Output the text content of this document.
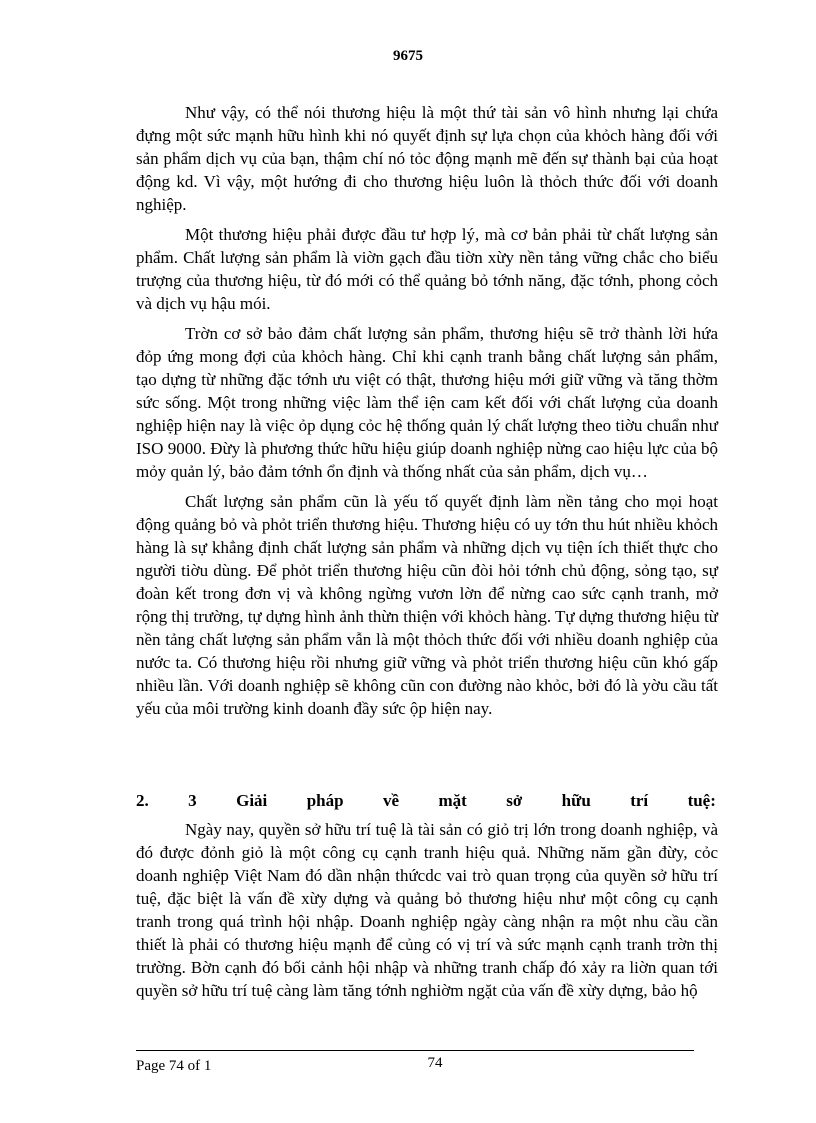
9675

Như vậy, có thể nói thương hiệu là một thứ tài sản vô hình nhưng lại chứa đựng một sức mạnh hữu hình khi nó quyết định sự lựa chọn của khỏch hàng đối với sản phẩm dịch vụ của bạn, thậm chí nó tỏc động mạnh mẽ đến sự thành bại của hoạt động kd. Vì vậy, một hướng đi cho thương hiệu luôn là thỏch thức đối với doanh nghiệp.

Một thương hiệu phải được đầu tư hợp lý, mà cơ bản phải từ chất lượng sản phẩm. Chất lượng sản phẩm là viờn gạch đầu tiờn xừy nền tảng vững chắc cho biểu trượng của thương hiệu, từ đó mới có thể quảng bỏ tớnh năng, đặc tớnh, phong cỏch và dịch vụ hậu mói.

Trờn cơ sở bảo đảm chất lượng sản phẩm, thương hiệu sẽ trở thành lời hứa đỏp ứng mong đợi của khỏch hàng. Chỉ khi cạnh tranh bằng chất lượng sản phẩm, tạo dựng từ những đặc tớnh ưu việt có thật, thương hiệu mới giữ vững và tăng thờm sức sống. Một trong những việc làm thể iện cam kết đối với chất lượng của doanh nghiệp hiện nay là việc ỏp dụng cỏc hệ thống quản lý chất lượng theo tiờu chuẩn như ISO 9000. Đừy là phương thức hữu hiệu giúp doanh nghiệp nừng cao hiệu lực của bộ mỏy quản lý, bảo đảm tớnh ổn định và thống nhất của sản phẩm, dịch vụ…

Chất lượng sản phẩm cũn là yếu tố quyết định làm nền tảng cho mọi hoạt động quảng bỏ và phỏt triển thương hiệu. Thương hiệu có uy tớn thu hút nhiều khỏch hàng là sự khẳng định chất lượng sản phẩm và những dịch vụ tiện ích thiết thực cho người tiờu dùng. Để phỏt triển thương hiệu cũn đòi hỏi tớnh chủ động, sỏng tạo, sự đoàn kết trong đơn vị và không ngừng vươn lờn để nừng cao sức cạnh tranh, mở rộng thị trường, tự dựng hình ảnh thừn thiện với khỏch hàng. Tự dựng thương hiệu từ nền tảng chất lượng sản phẩm vẫn là một thỏch thức đối với nhiều doanh nghiệp của nước ta. Có thương hiệu rồi nhưng giữ vững và phỏt triển thương hiệu cũn khó gấp nhiều lần. Với doanh nghiệp sẽ không cũn con đường nào khỏc, bởi đó là yờu cầu tất yếu của môi trường kinh doanh đầy sức ộp hiện nay.

2. 3 Giải pháp về mặt sở hữu trí tuệ:

Ngày nay, quyền sở hữu trí tuệ là tài sản có giỏ trị lớn trong doanh nghiệp, và đó được đỏnh giỏ là một công cụ cạnh tranh hiệu quả. Những năm gần đừy, cỏc doanh nghiệp Việt Nam đó dần nhận thứcdc vai trò quan trọng của quyền sở hữu trí tuệ, đặc biệt là vấn đề xừy dựng và quảng bỏ thương hiệu như một công cụ cạnh tranh trong quá trình hội nhập. Doanh nghiệp ngày càng nhận ra một nhu cầu cần thiết là phải có thương hiệu mạnh để củng có vị trí và sức mạnh cạnh tranh trờn thị trường. Bờn cạnh đó bối cảnh hội nhập và những tranh chấp đó xảy ra liờn quan tới quyền sở hữu trí tuệ càng làm tăng tớnh nghiờm ngặt của vấn đề xừy dựng, bảo hộ

Page 74 of 1	74
